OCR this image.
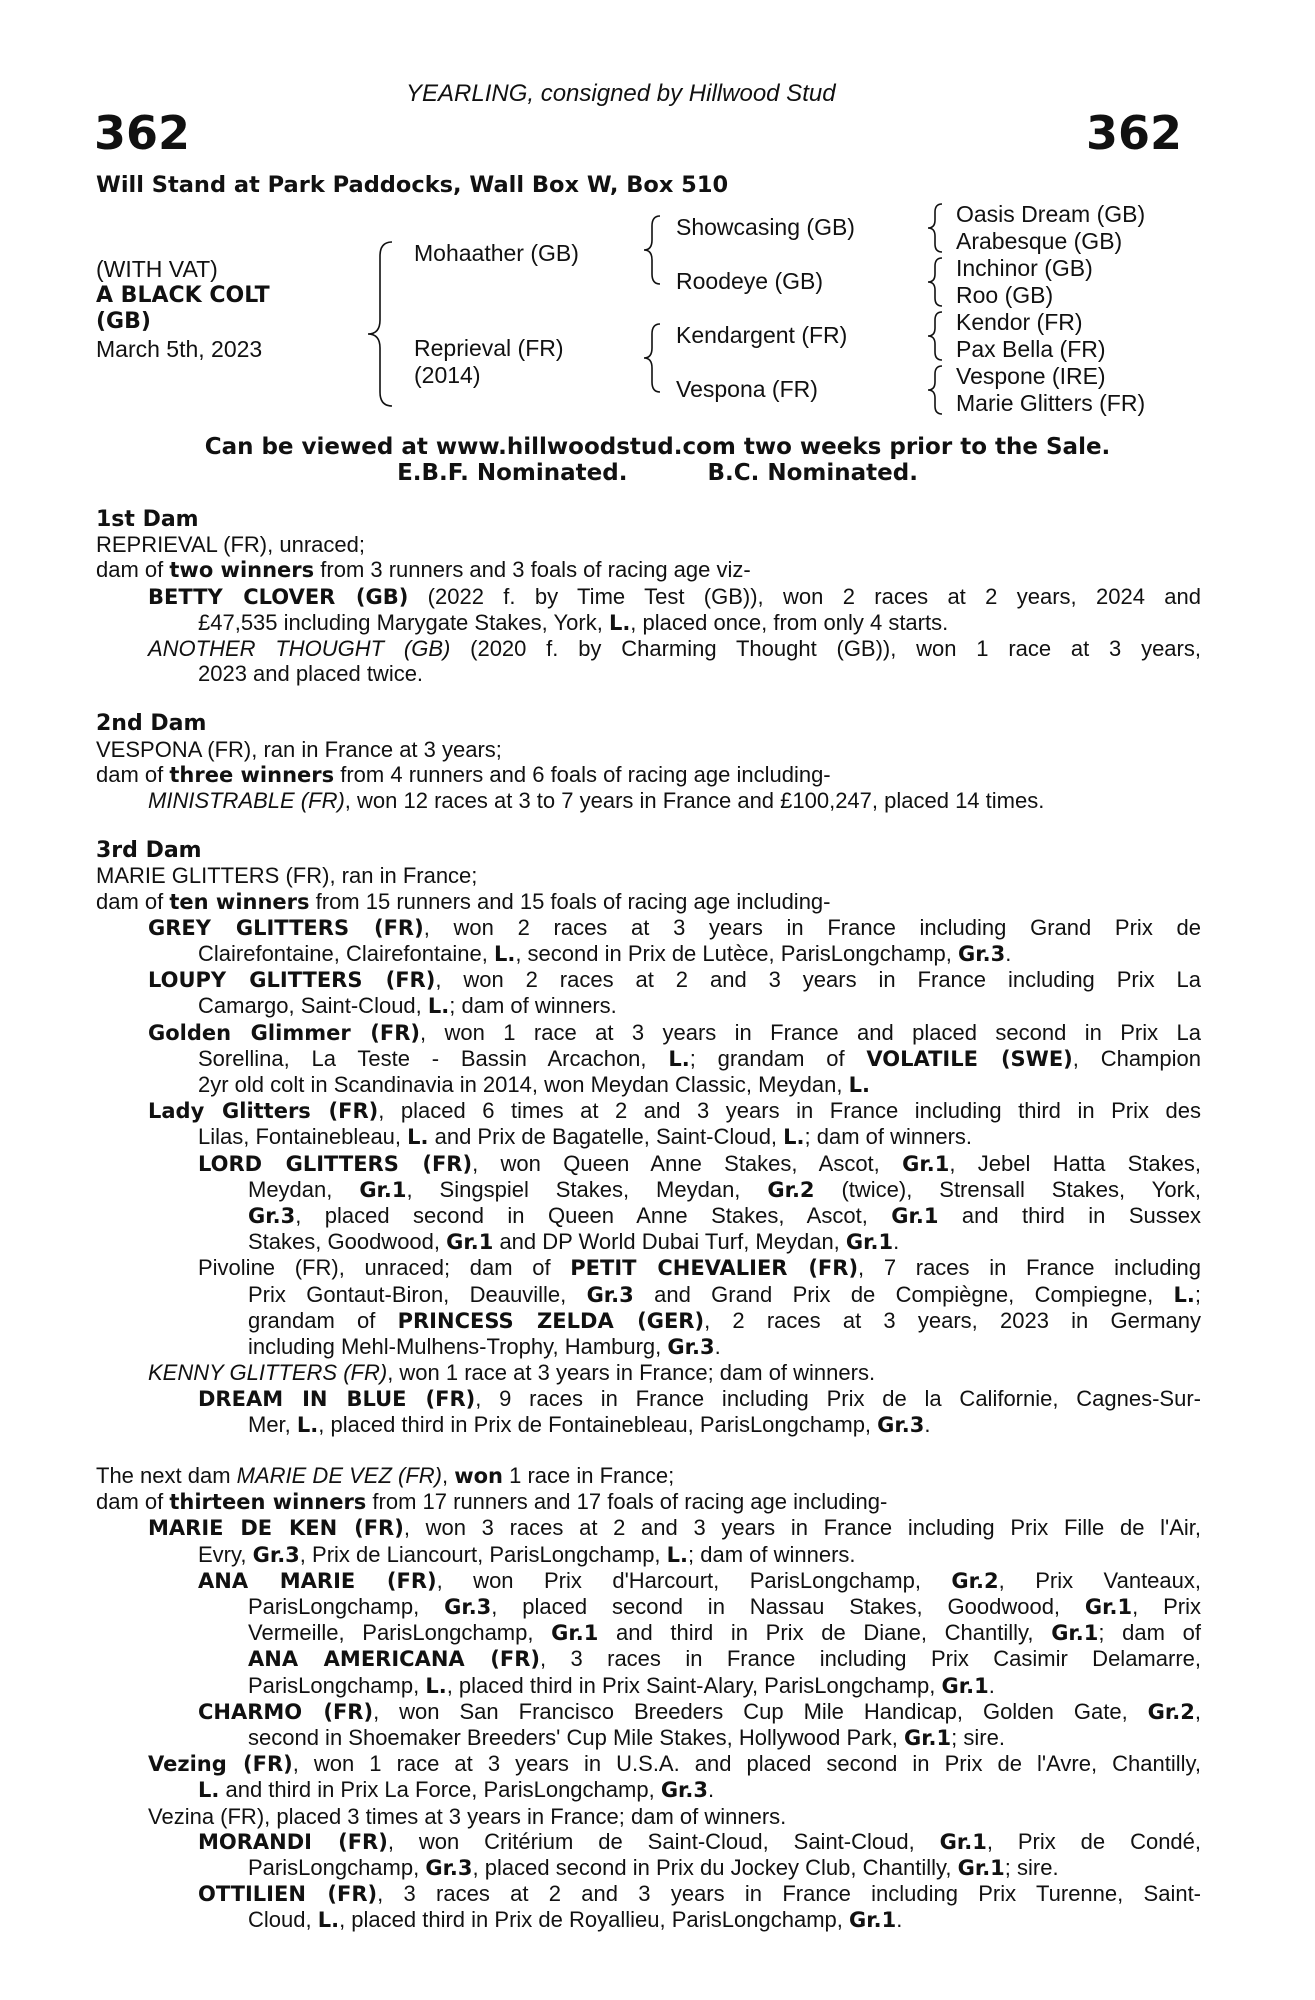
YEARLING, consigned by Hillwood Stud
362	362
Will Stand at Park Paddocks, Wall Box W, Box 510
(WITH VAT)
A BLACK COLT
(GB)
March 5th, 2023
Mohaather (GB)
Reprieval (FR)
(2014)
Showcasing (GB)
Roodeye (GB)
Kendargent (FR)
Vespona (FR)
Oasis Dream (GB)
Arabesque (GB)
Inchinor (GB)
Roo (GB)
Kendor (FR)
Pax Bella (FR)
Vespone (IRE)
Marie Glitters (FR)
Can be viewed at www.hillwoodstud.com two weeks prior to the Sale.
E.B.F. Nominated.	B.C. Nominated.
1st Dam
REPRIEVAL (FR), unraced;
dam of two winners from 3 runners and 3 foals of racing age viz-
BETTY CLOVER (GB) (2022 f. by Time Test (GB)), won 2 races at 2 years, 2024 and
£47,535 including Marygate Stakes, York, L., placed once, from only 4 starts.
ANOTHER THOUGHT (GB) (2020 f. by Charming Thought (GB)), won 1 race at 3 years,
2023 and placed twice.
2nd Dam
VESPONA (FR), ran in France at 3 years;
dam of three winners from 4 runners and 6 foals of racing age including-
MINISTRABLE (FR), won 12 races at 3 to 7 years in France and £100,247, placed 14 times.
3rd Dam
MARIE GLITTERS (FR), ran in France;
dam of ten winners from 15 runners and 15 foals of racing age including-
GREY GLITTERS (FR), won 2 races at 3 years in France including Grand Prix de
Clairefontaine, Clairefontaine, L., second in Prix de Lutèce, ParisLongchamp, Gr.3.
LOUPY GLITTERS (FR), won 2 races at 2 and 3 years in France including Prix La
Camargo, Saint-Cloud, L.; dam of winners.
Golden Glimmer (FR), won 1 race at 3 years in France and placed second in Prix La
Sorellina, La Teste - Bassin Arcachon, L.; grandam of VOLATILE (SWE), Champion
2yr old colt in Scandinavia in 2014, won Meydan Classic, Meydan, L.
Lady Glitters (FR), placed 6 times at 2 and 3 years in France including third in Prix des
Lilas, Fontainebleau, L. and Prix de Bagatelle, Saint-Cloud, L.; dam of winners.
LORD GLITTERS (FR), won Queen Anne Stakes, Ascot, Gr.1, Jebel Hatta Stakes,
Meydan, Gr.1, Singspiel Stakes, Meydan, Gr.2 (twice), Strensall Stakes, York,
Gr.3, placed second in Queen Anne Stakes, Ascot, Gr.1 and third in Sussex
Stakes, Goodwood, Gr.1 and DP World Dubai Turf, Meydan, Gr.1.
Pivoline (FR), unraced; dam of PETIT CHEVALIER (FR), 7 races in France including
Prix Gontaut-Biron, Deauville, Gr.3 and Grand Prix de Compiègne, Compiegne, L.;
grandam of PRINCESS ZELDA (GER), 2 races at 3 years, 2023 in Germany
including Mehl-Mulhens-Trophy, Hamburg, Gr.3.
KENNY GLITTERS (FR), won 1 race at 3 years in France; dam of winners.
DREAM IN BLUE (FR), 9 races in France including Prix de la Californie, Cagnes-Sur-
Mer, L., placed third in Prix de Fontainebleau, ParisLongchamp, Gr.3.
The next dam MARIE DE VEZ (FR), won 1 race in France;
dam of thirteen winners from 17 runners and 17 foals of racing age including-
MARIE DE KEN (FR), won 3 races at 2 and 3 years in France including Prix Fille de l'Air,
Evry, Gr.3, Prix de Liancourt, ParisLongchamp, L.; dam of winners.
ANA MARIE (FR), won Prix d'Harcourt, ParisLongchamp, Gr.2, Prix Vanteaux,
ParisLongchamp, Gr.3, placed second in Nassau Stakes, Goodwood, Gr.1, Prix
Vermeille, ParisLongchamp, Gr.1 and third in Prix de Diane, Chantilly, Gr.1; dam of
ANA AMERICANA (FR), 3 races in France including Prix Casimir Delamarre,
ParisLongchamp, L., placed third in Prix Saint-Alary, ParisLongchamp, Gr.1.
CHARMO (FR), won San Francisco Breeders Cup Mile Handicap, Golden Gate, Gr.2,
second in Shoemaker Breeders' Cup Mile Stakes, Hollywood Park, Gr.1; sire.
Vezing (FR), won 1 race at 3 years in U.S.A. and placed second in Prix de l'Avre, Chantilly,
L. and third in Prix La Force, ParisLongchamp, Gr.3.
Vezina (FR), placed 3 times at 3 years in France; dam of winners.
MORANDI (FR), won Critérium de Saint-Cloud, Saint-Cloud, Gr.1, Prix de Condé,
ParisLongchamp, Gr.3, placed second in Prix du Jockey Club, Chantilly, Gr.1; sire.
OTTILIEN (FR), 3 races at 2 and 3 years in France including Prix Turenne, Saint-
Cloud, L., placed third in Prix de Royallieu, ParisLongchamp, Gr.1.
